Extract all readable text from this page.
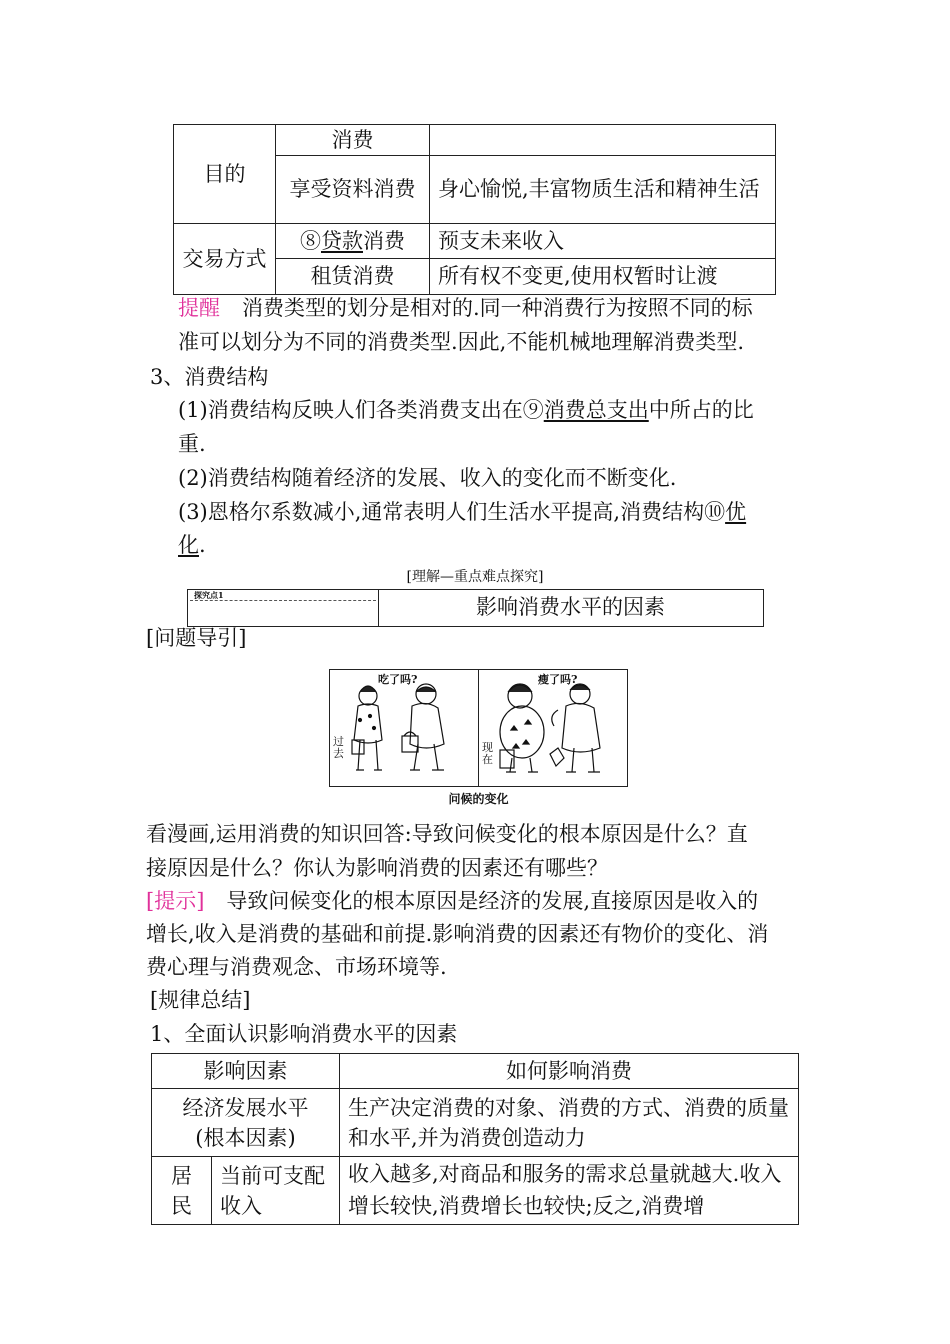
目的	消费	
	享受资料消费	身心愉悦,丰富物质生活和精神生活
交易方式	⑧贷款消费	预支未来收入
	租赁消费	所有权不变更,使用权暂时让渡
提醒 消费类型的划分是相对的.同一种消费行为按照不同的标
准可以划分为不同的消费类型.因此,不能机械地理解消费类型.
3、消费结构
(1)消费结构反映人们各类消费支出在⑨消费总支出中所占的比
重.
(2)消费结构随着经济的发展、收入的变化而不断变化.
(3)恩格尔系数减小,通常表明人们生活水平提高,消费结构⑩优
化.
[理解—重点难点探究]
探究点1	影响消费水平的因素
[问题导引]
吃了吗?	瘦了吗?
过去	现在
问候的变化
看漫画,运用消费的知识回答:导致问候变化的根本原因是什么？直
接原因是什么？你认为影响消费的因素还有哪些？
[提示] 导致问候变化的根本原因是经济的发展,直接原因是收入的
增长,收入是消费的基础和前提.影响消费的因素还有物价的变化、消
费心理与消费观念、市场环境等.
[规律总结]
1、全面认识影响消费水平的因素
影响因素		如何影响消费

经济发展水平
(根本因素)		生产决定消费的对象、消费的方式、消费的质量和水平,并为消费创造动力
居民	当前可支配收入	收入越多,对商品和服务的需求总量就越大.收入增长较快,消费增长也较快;反之,消费增
